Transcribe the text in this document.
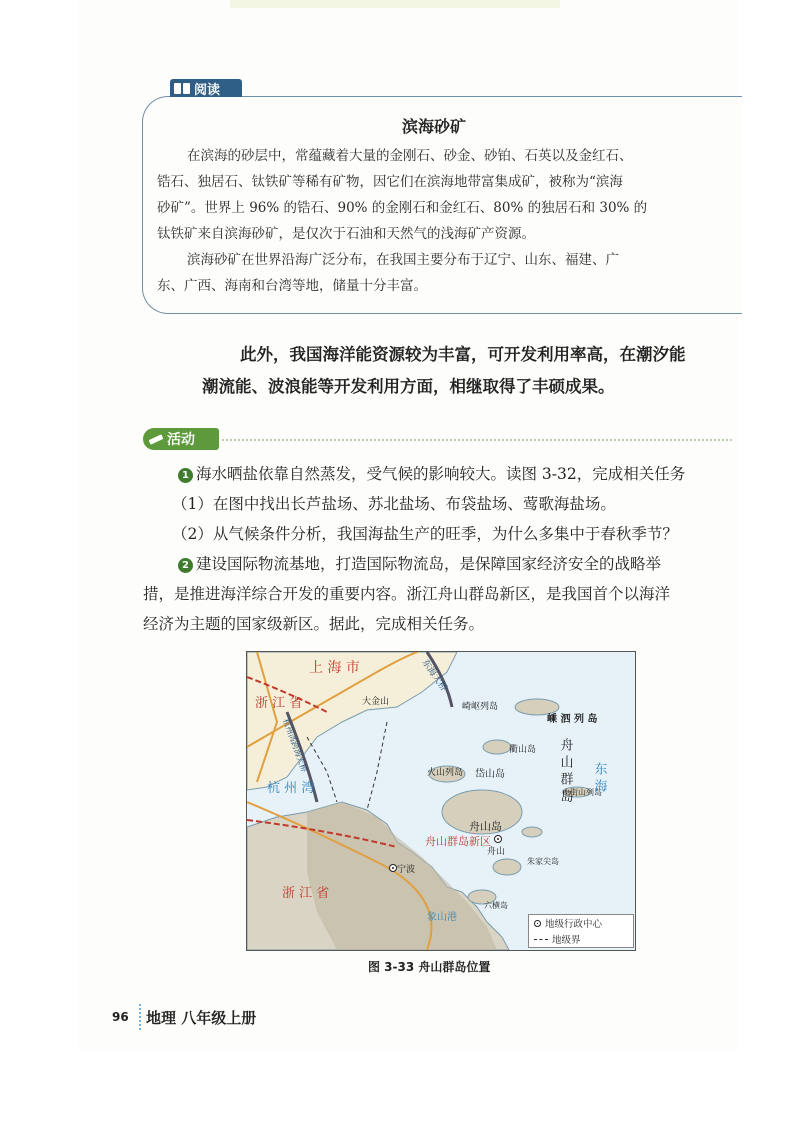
阅读
滨海砂矿
在滨海的砂层中，常蕴藏着大量的金刚石、砂金、砂铂、石英以及金红石、
锆石、独居石、钛铁矿等稀有矿物，因它们在滨海地带富集成矿，被称为“滨海
砂矿”。世界上 96% 的锆石、90% 的金刚石和金红石、80% 的独居石和 30% 的
钛铁矿来自滨海砂矿，是仅次于石油和天然气的浅海矿产资源。
滨海砂矿在世界沿海广泛分布，在我国主要分布于辽宁、山东、福建、广
东、广西、海南和台湾等地，储量十分丰富。
此外，我国海洋能资源较为丰富，可开发利用率高，在潮汐能
潮流能、波浪能等开发利用方面，相继取得了丰硕成果。
活动
1 海水晒盐依靠自然蒸发，受气候的影响较大。读图 3-32，完成相关任务
（1）在图中找出长芦盐场、苏北盐场、布袋盐场、莺歌海盐场。
（2）从气候条件分析，我国海盐生产的旺季，为什么多集中于春秋季节？
2 建设国际物流基地，打造国际物流岛，是保障国家经济安全的战略举
措，是推进海洋综合开发的重要内容。浙江舟山群岛新区，是我国首个以海洋
经济为主题的国家级新区。据此，完成相关任务。
上 海 市
浙 江 省	大金山
东海大桥
崎岖列岛
嵊 泗 列 岛
杭州湾跨海大桥
杭 州 湾
衢山岛
火山列岛 岱山岛	舟 山 群 岛
中街山列岛
东 海
舟山岛
舟山群岛新区
舟山
朱家尖岛
宁波
浙 江 省
象山港
六横岛
地级行政中心
地级界
图 3-33 舟山群岛位置
96 地理 八年级上册
